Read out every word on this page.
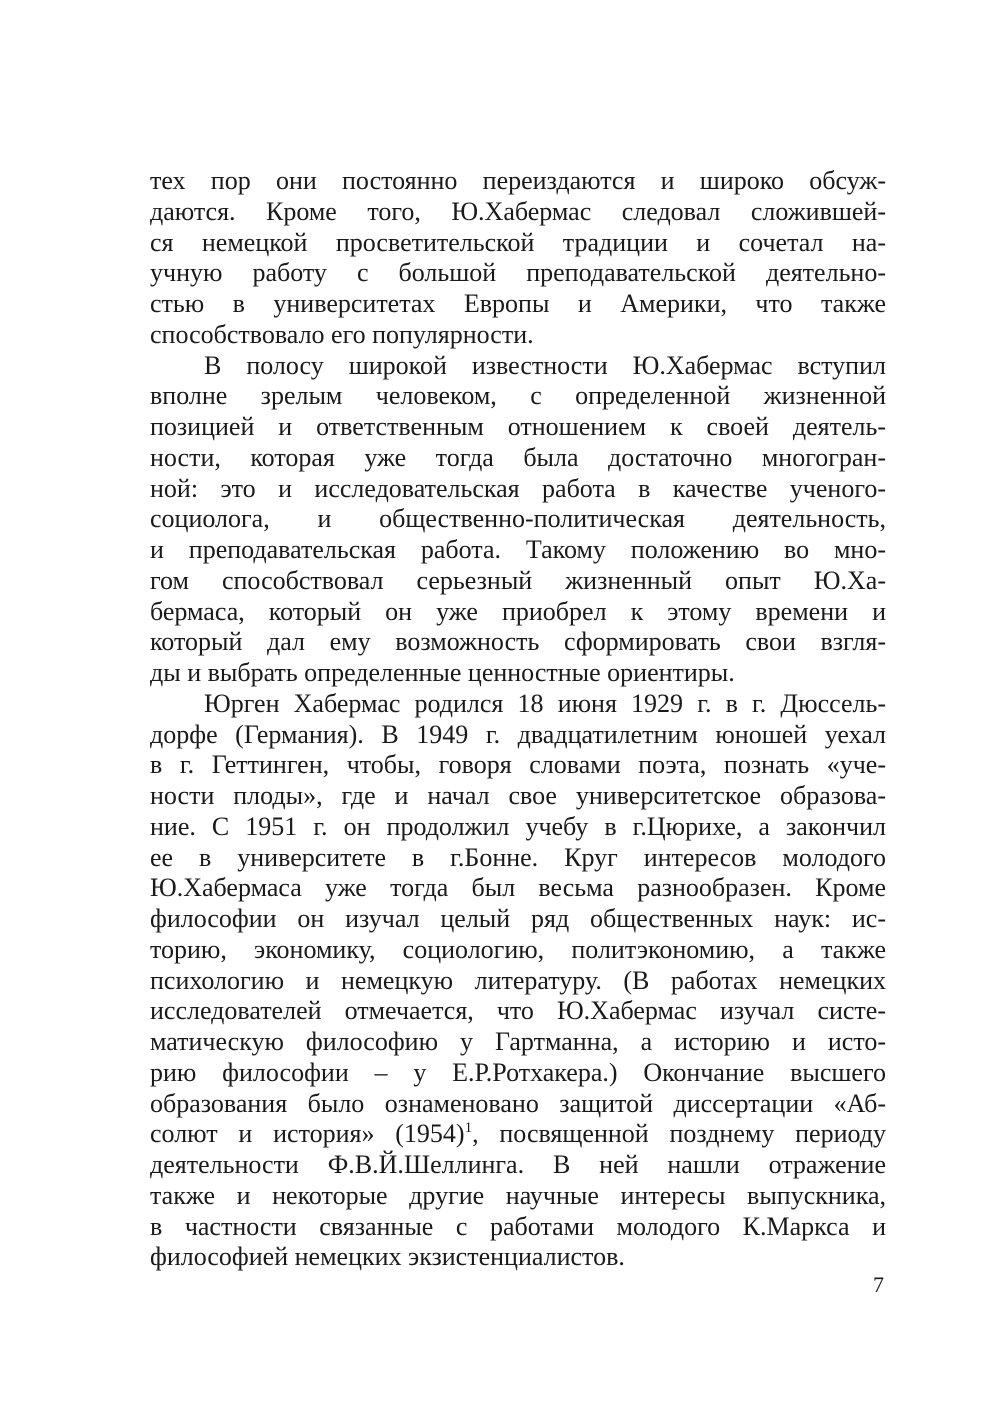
тех пор они постоянно переиздаются и широко обсуж-
даются. Кроме того, Ю.Хабермас следовал сложившей-
ся немецкой просветительской традиции и сочетал на-
учную работу с большой преподавательской деятельно-
стью в университетах Европы и Америки, что также
способствовало его популярности.
В полосу широкой известности Ю.Хабермас вступил
вполне зрелым человеком, с определенной жизненной
позицией и ответственным отношением к своей деятель-
ности, которая уже тогда была достаточно многогран-
ной: это и исследовательская работа в качестве ученого-
социолога, и общественно-политическая деятельность,
и преподавательская работа. Такому положению во мно-
гом способствовал серьезный жизненный опыт Ю.Ха-
бермаса, который он уже приобрел к этому времени и
который дал ему возможность сформировать свои взгля-
ды и выбрать определенные ценностные ориентиры.
Юрген Хабермас родился 18 июня 1929 г. в г. Дюссель-
дорфе (Германия). В 1949 г. двадцатилетним юношей уехал
в г. Геттинген, чтобы, говоря словами поэта, познать «уче-
ности плоды», где и начал свое университетское образова-
ние. С 1951 г. он продолжил учебу в г.Цюрихе, а закончил
ее в университете в г.Бонне. Круг интересов молодого
Ю.Хабермаса уже тогда был весьма разнообразен. Кроме
философии он изучал целый ряд общественных наук: ис-
торию, экономику, социологию, политэкономию, а также
психологию и немецкую литературу. (В работах немецких
исследователей отмечается, что Ю.Хабермас изучал систе-
матическую философию у Гартманна, а историю и исто-
рию философии – у Е.Р.Ротхакера.) Окончание высшего
образования было ознаменовано защитой диссертации «Аб-
солют и история» (1954)$^1$, посвященной позднему периоду
деятельности Ф.В.Й.Шеллинга. В ней нашли отражение
также и некоторые другие научные интересы выпускника,
в частности связанные с работами молодого К.Маркса и
философией немецких экзистенциалистов.
7
